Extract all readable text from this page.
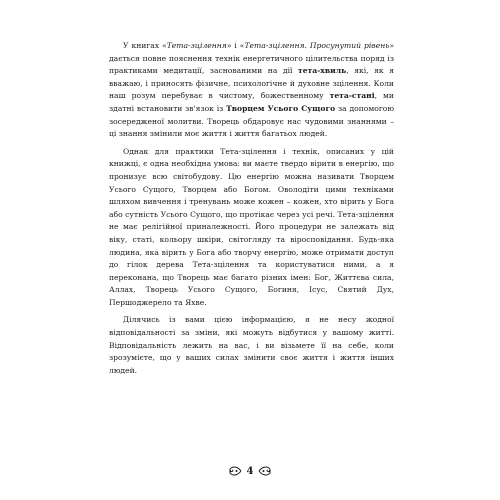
У книгах «Тета-зцілення» і «Тета-зцілення. Просунутий рівень» дається повне пояснення технік енергетичного цілительства поряд із практиками медитації, заснованими на дії тета-хвиль, які, як я вважаю, і приносять фізичне, психологічне й духовне зцілення. Коли наш розум перебуває в чистому, божественному тета-стані, ми здатні встановити зв'язок із Творцем Усього Сущого за допомогою зосередженої молитви. Творець обдаровує нас чудовими знаннями – ці знання змінили моє життя і життя багатьох людей.

Однак для практики Тета-зцілення і технік, описаних у цій книжці, є одна необхідна умова: ви маєте твердо вірити в енергію, що пронизує всю світобудову. Цю енергію можна називати Творцем Усього Сущого, Творцем або Богом. Оволодіти цими техніками шляхом вивчення і тренувань може кожен – кожен, хто вірить у Бога або сутність Усього Сущого, що протікає через усі речі. Тета-зцілення не має релігійної приналежності. Його процедури не залежать від віку, статі, кольору шкіри, світогляду та віросповідання. Будь-яка людина, яка вірить у Бога або творчу енергію, може отримати доступ до гілок дерева Тета-зцілення та користуватися ними, а я переконана, що Творець має багато різних імен: Бог, Життєва сила, Аллах, Творець Усього Сущого, Богиня, Ісус, Святий Дух, Першоджерело та Яхве.

Ділячись із вами цією інформацією, я не несу жодної відповідальності за зміни, які можуть відбутися у вашому житті. Відповідальність лежить на вас, і ви візьмете її на себе, коли зрозумієте, що у ваших силах змінити своє життя і життя інших людей.

4
